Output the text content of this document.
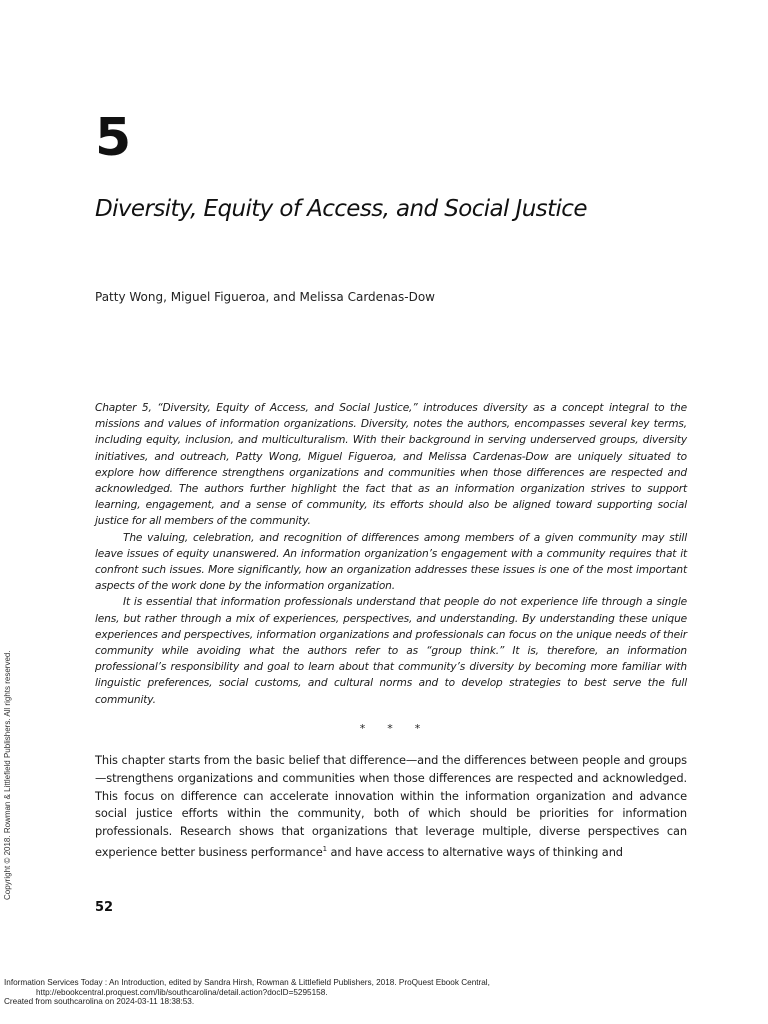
5
Diversity, Equity of Access, and Social Justice
Patty Wong, Miguel Figueroa, and Melissa Cardenas-Dow

Chapter 5, “Diversity, Equity of Access, and Social Justice,” introduces diversity as a concept integral to the missions and values of information organizations. Diversity, notes the authors, encompasses several key terms, including equity, inclusion, and multiculturalism. With their background in serving underserved groups, diversity initiatives, and outreach, Patty Wong, Miguel Figueroa, and Melissa Cardenas-Dow are uniquely situated to explore how difference strengthens organizations and communities when those differences are respected and acknowledged. The authors further highlight the fact that as an information organization strives to support learning, engagement, and a sense of community, its efforts should also be aligned toward supporting social justice for all members of the community.

The valuing, celebration, and recognition of differences among members of a given community may still leave issues of equity unanswered. An information organization’s engagement with a community requires that it confront such issues. More significantly, how an organization addresses these issues is one of the most important aspects of the work done by the information organization.

It is essential that information professionals understand that people do not experience life through a single lens, but rather through a mix of experiences, perspectives, and understanding. By understanding these unique experiences and perspectives, information organizations and professionals can focus on the unique needs of their community while avoiding what the authors refer to as “group think.” It is, therefore, an information professional’s responsibility and goal to learn about that community’s diversity by becoming more familiar with linguistic preferences, social customs, and cultural norms and to develop strategies to best serve the full community.

* * *

This chapter starts from the basic belief that difference—and the differences between people and groups—strengthens organizations and communities when those differences are respected and acknowledged. This focus on difference can accelerate innovation within the information organization and advance social justice efforts within the community, both of which should be priorities for information professionals. Research shows that organizations that leverage multiple, diverse perspectives can experience better business performance$^1$ and have access to alternative ways of thinking and

52
Copyright © 2018. Rowman & Littlefield Publishers. All rights reserved.
Information Services Today : An Introduction, edited by Sandra Hirsh, Rowman & Littlefield Publishers, 2018. ProQuest Ebook Central,
http://ebookcentral.proquest.com/lib/southcarolina/detail.action?docID=5295158.
Created from southcarolina on 2024-03-11 18:38:53.
